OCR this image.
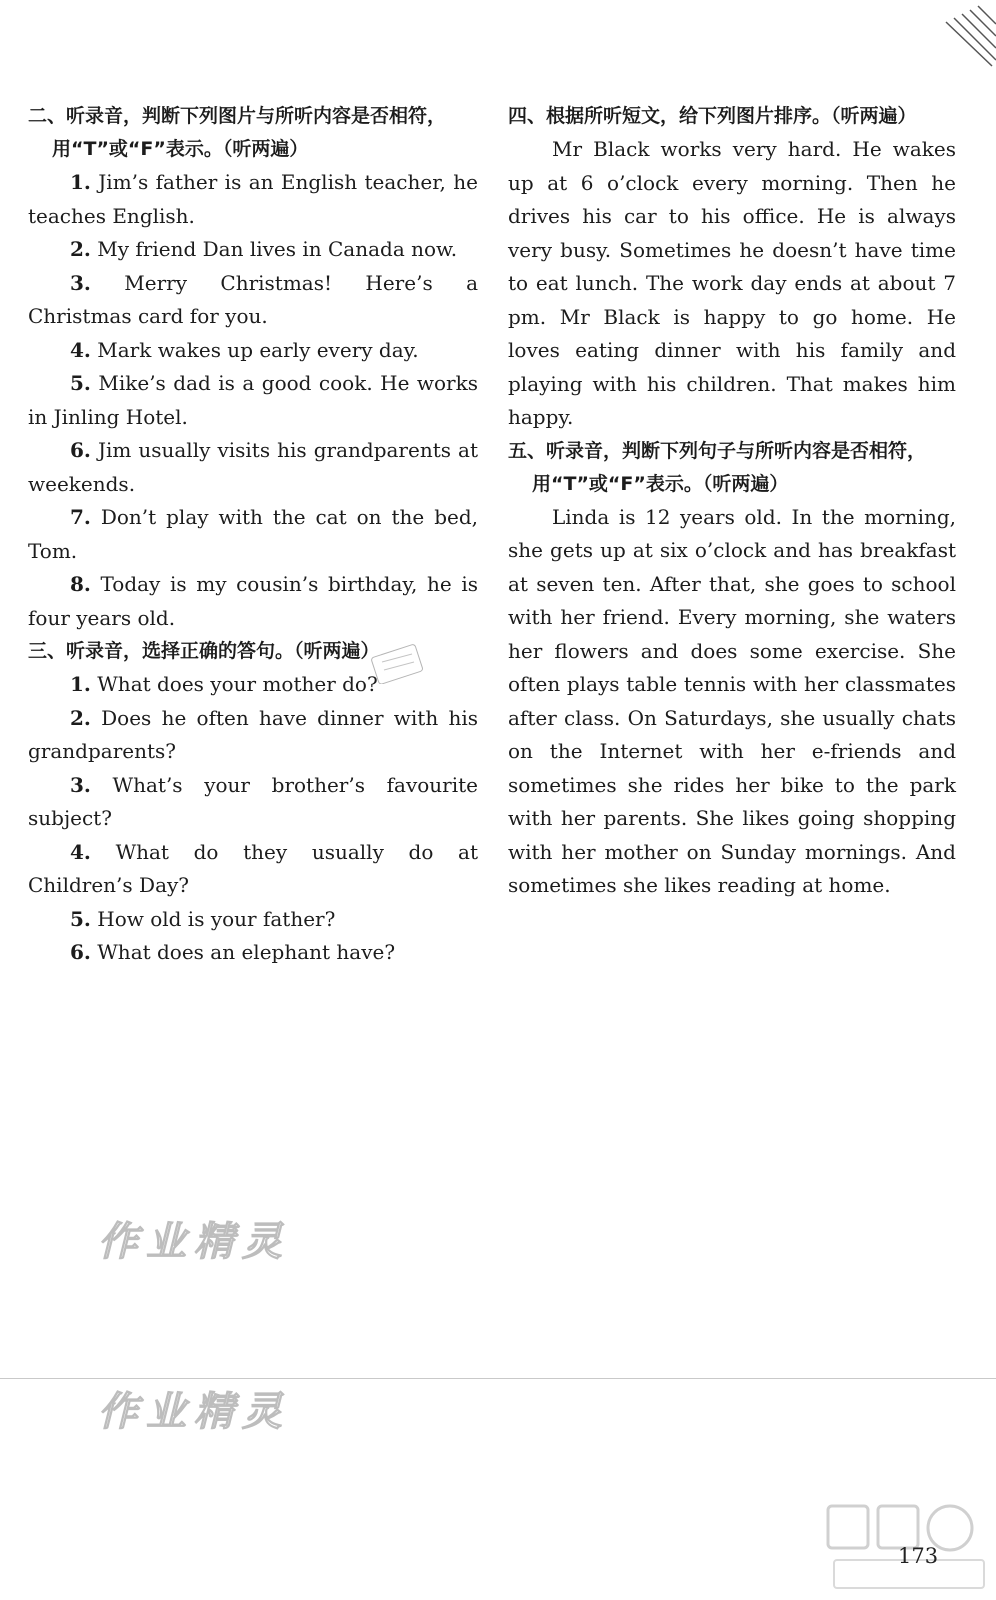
二、听录音，判断下列图片与所听内容是否相符，
用“T”或“F”表示。（听两遍）

1. Jim’s father is an English teacher, he teaches English.

2. My friend Dan lives in Canada now.

3. Merry Christmas! Here’s a Christmas card for you.

4. Mark wakes up early every day.

5. Mike’s dad is a good cook. He works in Jinling Hotel.

6. Jim usually visits his grandparents at weekends.

7. Don’t play with the cat on the bed, Tom.

8. Today is my cousin’s birthday, he is four years old.

三、听录音，选择正确的答句。（听两遍）

1. What does your mother do?

2. Does he often have dinner with his grandparents?

3. What’s your brother’s favourite subject?

4. What do they usually do at Children’s Day?

5. How old is your father?

6. What does an elephant have?

四、根据所听短文，给下列图片排序。（听两遍）

Mr Black works very hard. He wakes up at 6 o’clock every morning. Then he drives his car to his office. He is always very busy. Sometimes he doesn’t have time to eat lunch. The work day ends at about 7 pm. Mr Black is happy to go home. He loves eating dinner with his family and playing with his children. That makes him happy.

五、听录音，判断下列句子与所听内容是否相符，
用“T”或“F”表示。（听两遍）

Linda is 12 years old. In the morning, she gets up at six o’clock and has breakfast at seven ten. After that, she goes to school with her friend. Every morning, she waters her flowers and does some exercise. She often plays table tennis with her classmates after class. On Saturdays, she usually chats on the Internet with her e-friends and sometimes she rides her bike to the park with her parents. She likes going shopping with her mother on Sunday mornings. And sometimes she likes reading at home.

作业精灵
作业精灵
173
